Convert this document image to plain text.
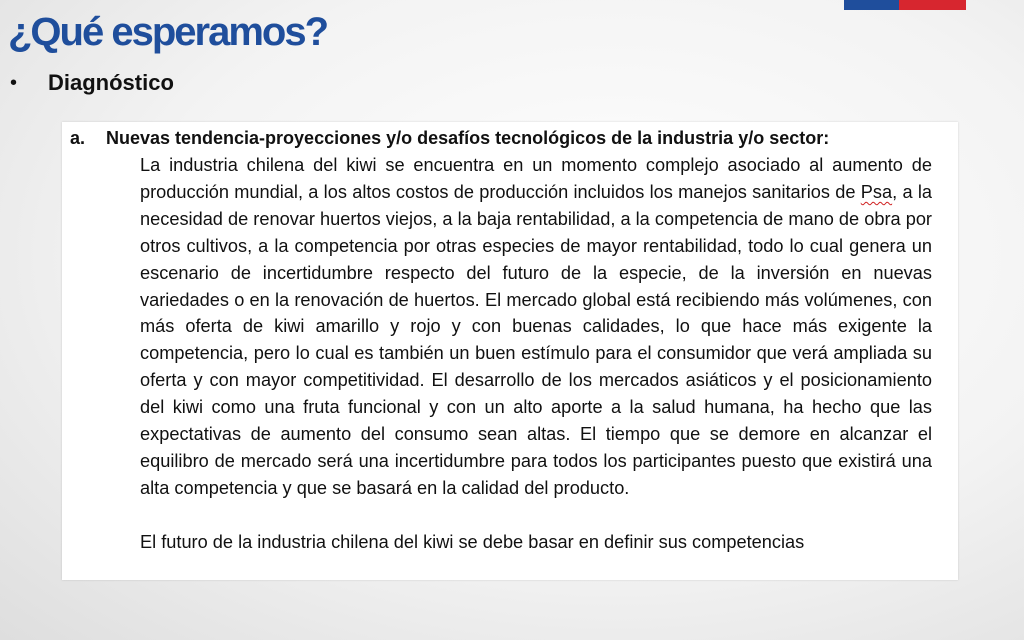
¿Qué esperamos?
•	Diagnóstico
a.	Nuevas tendencia-proyecciones y/o desafíos tecnológicos de la industria y/o sector:

La industria chilena del kiwi se encuentra en un momento complejo asociado al aumento de producción mundial, a los altos costos de producción incluidos los manejos sanitarios de Psa, a la necesidad de renovar huertos viejos, a la baja rentabilidad, a la competencia de mano de obra por otros cultivos, a la competencia por otras especies de mayor rentabilidad, todo lo cual genera un escenario de incertidumbre respecto del futuro de la especie, de la inversión en nuevas variedades o en la renovación de huertos. El mercado global está recibiendo más volúmenes, con más oferta de kiwi amarillo y rojo y con buenas calidades, lo que hace más exigente la competencia, pero lo cual es también un buen estímulo para el consumidor que verá ampliada su oferta y con mayor competitividad. El desarrollo de los mercados asiáticos y el posicionamiento del kiwi como una fruta funcional y con un alto aporte a la salud humana, ha hecho que las expectativas de aumento del consumo sean altas. El tiempo que se demore en alcanzar el equilibro de mercado será una incertidumbre para todos los participantes puesto que existirá una alta competencia y que se basará en la calidad del producto.

El futuro de la industria chilena del kiwi se debe basar en definir sus competencias
